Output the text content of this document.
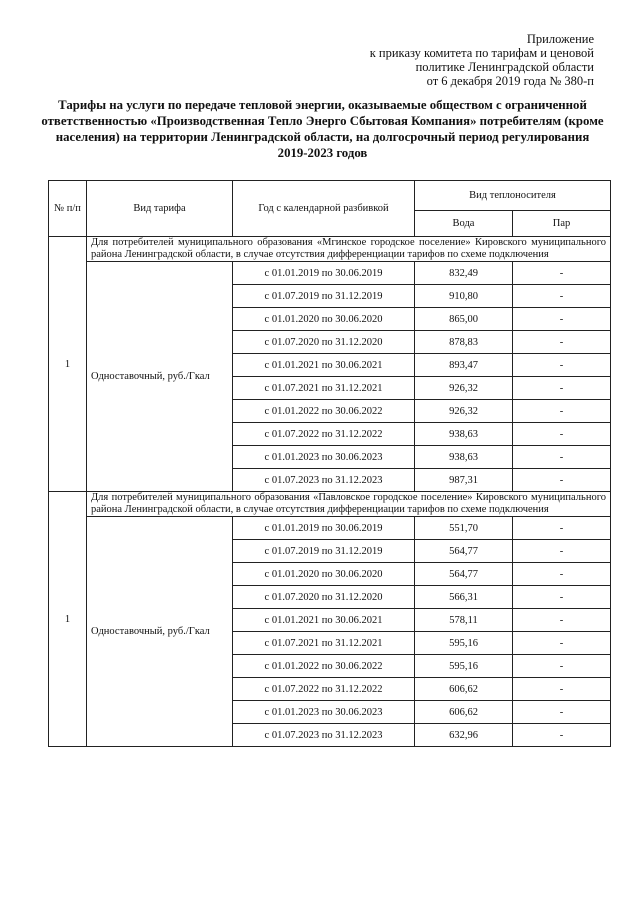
Приложение
к приказу комитета по тарифам и ценовой
политике Ленинградской области
от 6 декабря 2019 года № 380-п
Тарифы на услуги по передаче тепловой энергии, оказываемые обществом с ограниченной ответственностью «Производственная Тепло Энерго Сбытовая Компания» потребителям (кроме населения) на территории Ленинградской области, на долгосрочный период регулирования 2019-2023 годов
№ п/п	Вид тарифа	Год с календарной разбивкой	Вид теплоносителя	
			Вода	Пар
1	Для потребителей муниципального образования «Мгинское городское поселение» Кировского муниципального района Ленинградской области, в случае отсутствия дифференциации тарифов по схеме подключения			
	Одноставочный, руб./Гкал	с 01.01.2019 по 30.06.2019	832,49	-
		с 01.07.2019 по 31.12.2019	910,80	-
		с 01.01.2020 по 30.06.2020	865,00	-
		с 01.07.2020 по 31.12.2020	878,83	-
		с 01.01.2021 по 30.06.2021	893,47	-
		с 01.07.2021 по 31.12.2021	926,32	-
		с 01.01.2022 по 30.06.2022	926,32	-
		с 01.07.2022 по 31.12.2022	938,63	-
		с 01.01.2023 по 30.06.2023	938,63	-
		с 01.07.2023 по 31.12.2023	987,31	-
1	Для потребителей муниципального образования «Павловское городское поселение» Кировского муниципального района Ленинградской области, в случае отсутствия дифференциации тарифов по схеме подключения			
	Одноставочный, руб./Гкал	с 01.01.2019 по 30.06.2019	551,70	-
		с 01.07.2019 по 31.12.2019	564,77	-
		с 01.01.2020 по 30.06.2020	564,77	-
		с 01.07.2020 по 31.12.2020	566,31	-
		с 01.01.2021 по 30.06.2021	578,11	-
		с 01.07.2021 по 31.12.2021	595,16	-
		с 01.01.2022 по 30.06.2022	595,16	-
		с 01.07.2022 по 31.12.2022	606,62	-
		с 01.01.2023 по 30.06.2023	606,62	-
		с 01.07.2023 по 31.12.2023	632,96	-
